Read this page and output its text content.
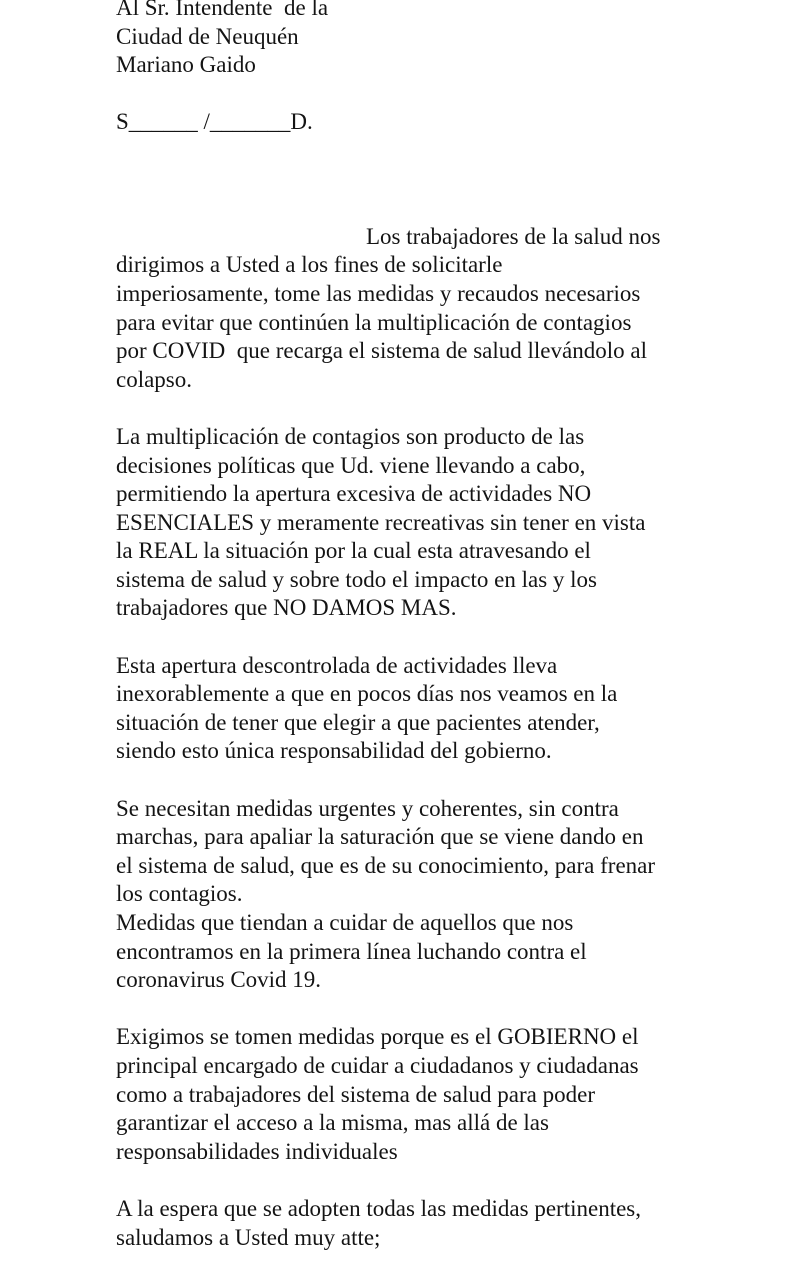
Al Sr. Intendente  de la
Ciudad de Neuquén
Mariano Gaido
S______ /_______D.
Los trabajadores de la salud nos
dirigimos a Usted a los fines de solicitarle
imperiosamente, tome las medidas y recaudos necesarios
para evitar que continúen la multiplicación de contagios
por COVID  que recarga el sistema de salud llevándolo al
colapso.
La multiplicación de contagios son producto de las
decisiones políticas que Ud. viene llevando a cabo,
permitiendo la apertura excesiva de actividades NO
ESENCIALES y meramente recreativas sin tener en vista
la REAL la situación por la cual esta atravesando el
sistema de salud y sobre todo el impacto en las y los
trabajadores que NO DAMOS MAS.
Esta apertura descontrolada de actividades lleva
inexorablemente a que en pocos días nos veamos en la
situación de tener que elegir a que pacientes atender,
siendo esto única responsabilidad del gobierno.
Se necesitan medidas urgentes y coherentes, sin contra
marchas, para apaliar la saturación que se viene dando en
el sistema de salud, que es de su conocimiento, para frenar
los contagios.
Medidas que tiendan a cuidar de aquellos que nos
encontramos en la primera línea luchando contra el
coronavirus Covid 19.
Exigimos se tomen medidas porque es el GOBIERNO el
principal encargado de cuidar a ciudadanos y ciudadanas
como a trabajadores del sistema de salud para poder
garantizar el acceso a la misma, mas allá de las
responsabilidades individuales
A la espera que se adopten todas las medidas pertinentes,
saludamos a Usted muy atte;
